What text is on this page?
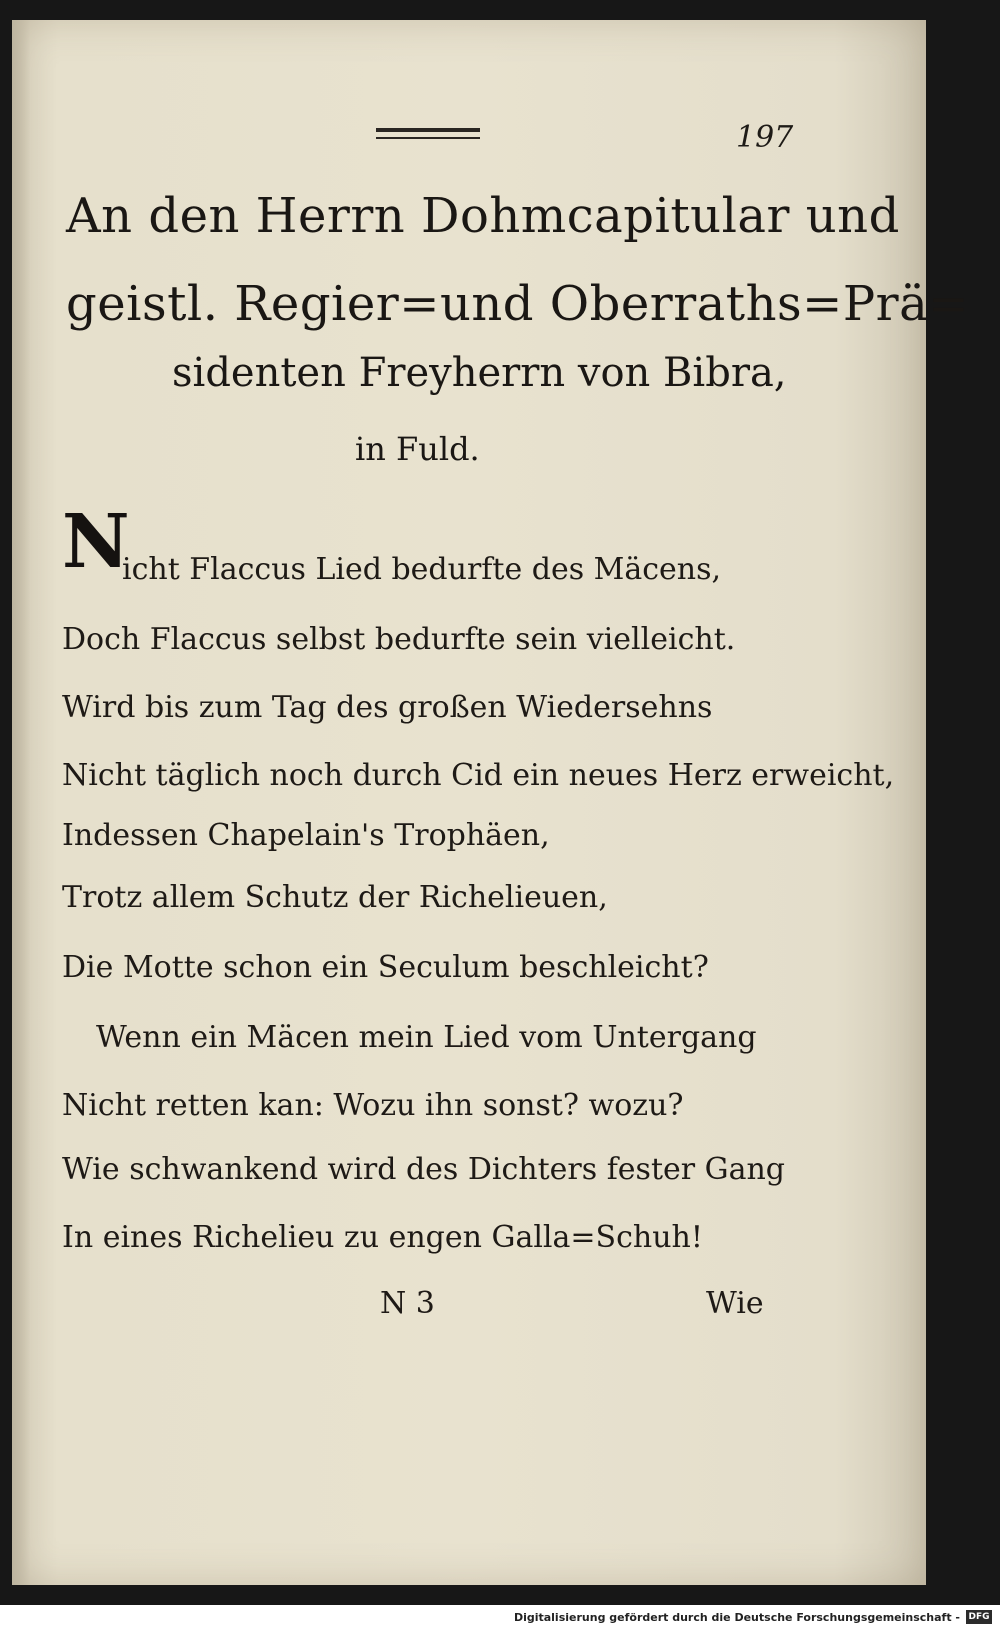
197
An den Herrn Dohmcapitular und
geistl. Regier=und Oberraths=Prä=
sidenten Freyherrn von Bibra,
in Fuld.
N
icht Flaccus Lied bedurfte des Mäcens,
Doch Flaccus selbst bedurfte sein vielleicht.
Wird bis zum Tag des großen Wiedersehns
Nicht täglich noch durch Cid ein neues Herz erweicht,
Indessen Chapelain's Trophäen,
Trotz allem Schutz der Richelieuen,
Die Motte schon ein Seculum beschleicht?
Wenn ein Mäcen mein Lied vom Untergang
Nicht retten kan: Wozu ihn sonst? wozu?
Wie schwankend wird des Dichters fester Gang
In eines Richelieu zu engen Galla=Schuh!
N 3	Wie
Digitalisierung gefördert durch die Deutsche Forschungsgemeinschaft - DFG
